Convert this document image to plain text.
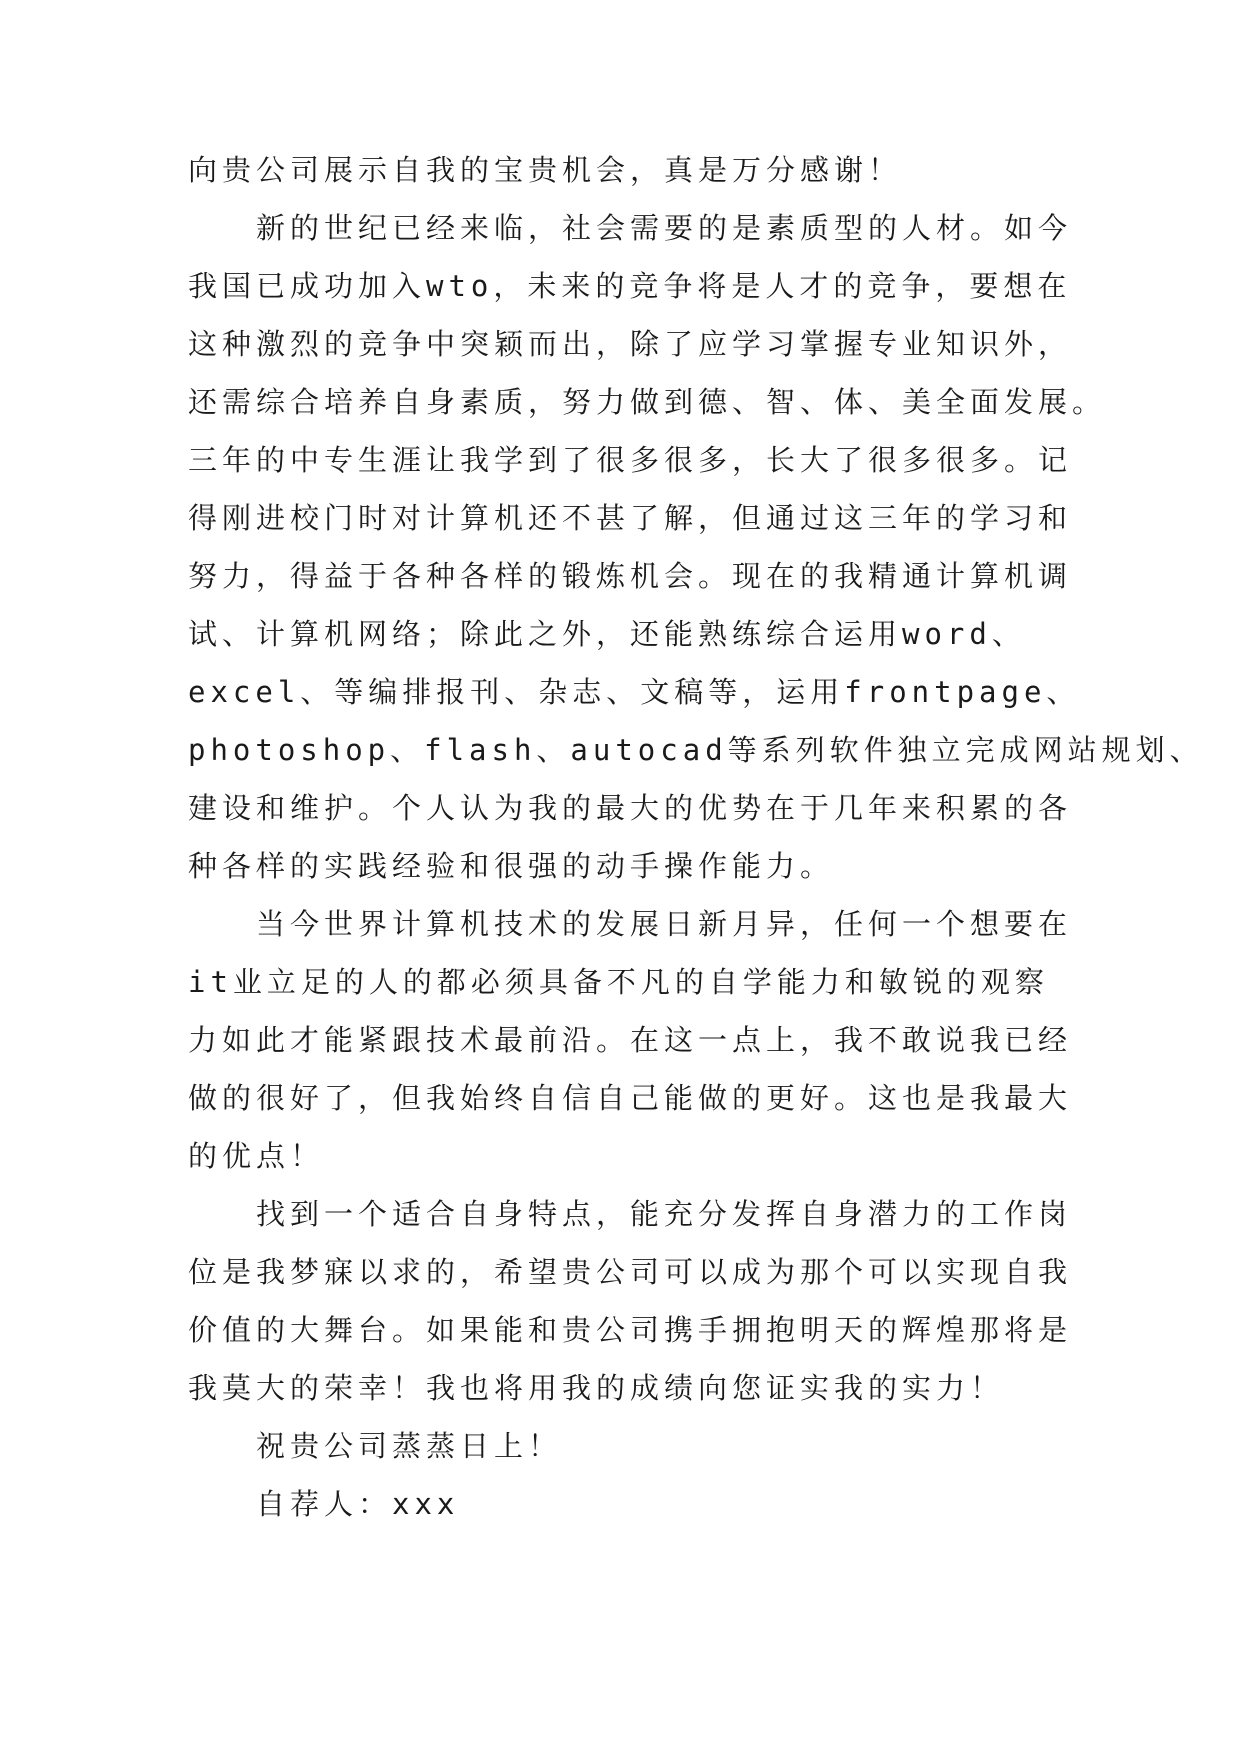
向贵公司展示自我的宝贵机会，真是万分感谢！
新的世纪已经来临，社会需要的是素质型的人材。如今
我国已成功加入wto，未来的竞争将是人才的竞争，要想在
这种激烈的竞争中突颖而出，除了应学习掌握专业知识外，
还需综合培养自身素质，努力做到德、智、体、美全面发展。
三年的中专生涯让我学到了很多很多，长大了很多很多。记
得刚进校门时对计算机还不甚了解，但通过这三年的学习和
努力，得益于各种各样的锻炼机会。现在的我精通计算机调
试、计算机网络；除此之外，还能熟练综合运用word、
excel、等编排报刊、杂志、文稿等，运用frontpage、
photoshop、flash、autocad等系列软件独立完成网站规划、
建设和维护。个人认为我的最大的优势在于几年来积累的各
种各样的实践经验和很强的动手操作能力。
当今世界计算机技术的发展日新月异，任何一个想要在
it业立足的人的都必须具备不凡的自学能力和敏锐的观察
力如此才能紧跟技术最前沿。在这一点上，我不敢说我已经
做的很好了，但我始终自信自己能做的更好。这也是我最大
的优点！
找到一个适合自身特点，能充分发挥自身潜力的工作岗
位是我梦寐以求的，希望贵公司可以成为那个可以实现自我
价值的大舞台。如果能和贵公司携手拥抱明天的辉煌那将是
我莫大的荣幸！我也将用我的成绩向您证实我的实力！
祝贵公司蒸蒸日上！
自荐人：xxx
